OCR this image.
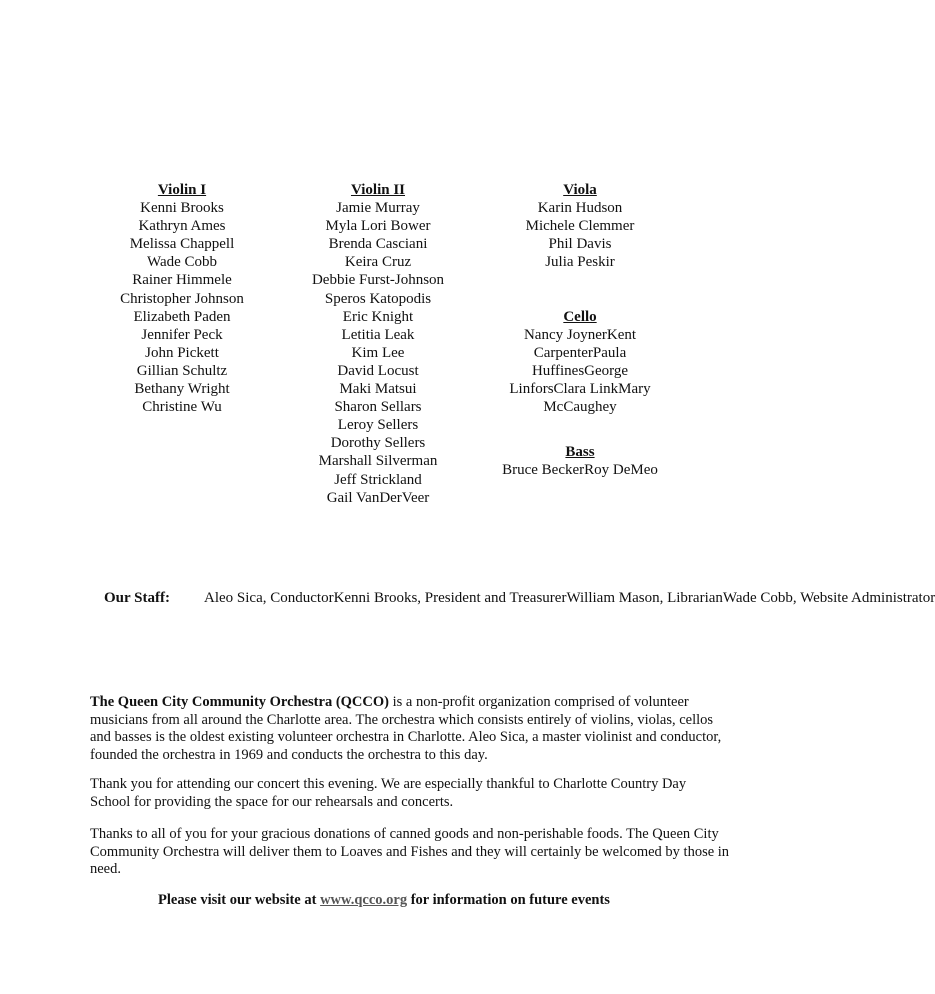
Violin I
Kenni Brooks
Kathryn Ames
Melissa Chappell
Wade Cobb
Rainer Himmele
Christopher Johnson
Elizabeth Paden
Jennifer Peck
John Pickett
Gillian Schultz
Bethany Wright
Christine Wu
Violin II
Jamie Murray
Myla Lori Bower
Brenda Casciani
Keira Cruz
Debbie Furst-Johnson
Speros Katopodis
Eric Knight
Letitia Leak
Kim Lee
David Locust
Maki Matsui
Sharon Sellars
Leroy Sellers
Dorothy Sellers
Marshall Silverman
Jeff Strickland
Gail VanDerVeer
Viola
Karin Hudson
Michele Clemmer
Phil Davis
Julia Peskir
Cello
Nancy JoynerKent CarpenterPaula HuffinesGeorge LinforsClara LinkMary McCaughey
Bass
Bruce BeckerRoy DeMeo
Our Staff: Aleo Sica, ConductorKenni Brooks, President and TreasurerWilliam Mason, LibrarianWade Cobb, Website Administrator
The Queen City Community Orchestra (QCCO) is a non-profit organization comprised of volunteer musicians from all around the Charlotte area. The orchestra which consists entirely of violins, violas, cellos and basses is the oldest existing volunteer orchestra in Charlotte. Aleo Sica, a master violinist and conductor, founded the orchestra in 1969 and conducts the orchestra to this day.
Thank you for attending our concert this evening. We are especially thankful to Charlotte Country Day School for providing the space for our rehearsals and concerts.
Thanks to all of you for your gracious donations of canned goods and non-perishable foods. The Queen City Community Orchestra will deliver them to Loaves and Fishes and they will certainly be welcomed by those in need.
Please visit our website at www.qcco.org for information on future events
